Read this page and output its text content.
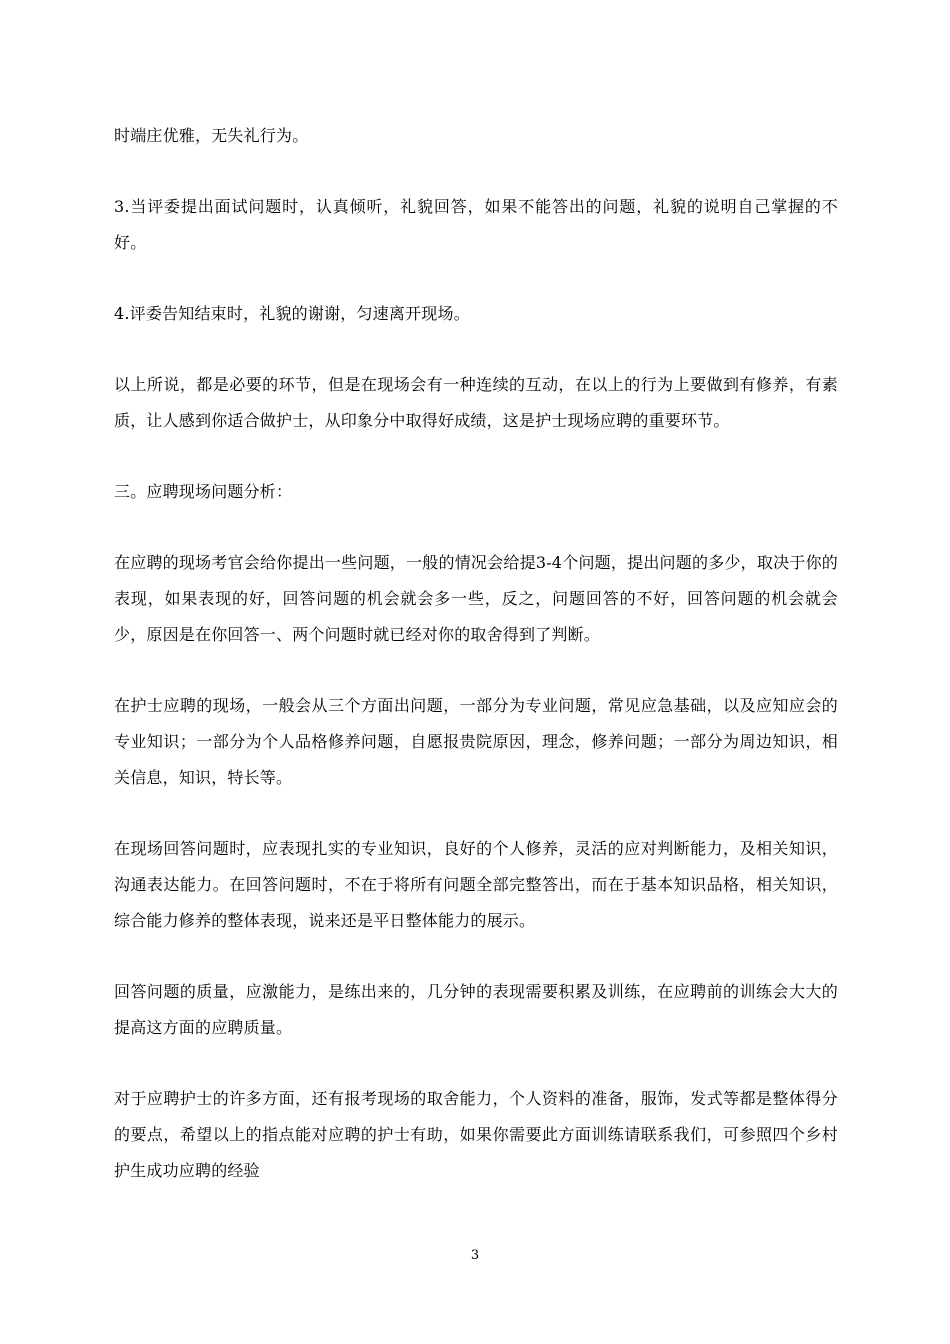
时端庄优雅，无失礼行为。

3.当评委提出面试问题时，认真倾听，礼貌回答，如果不能答出的问题，礼貌的说明自己掌握的不好。

4.评委告知结束时，礼貌的谢谢，匀速离开现场。

以上所说，都是必要的环节，但是在现场会有一种连续的互动，在以上的行为上要做到有修养，有素质，让人感到你适合做护士，从印象分中取得好成绩，这是护士现场应聘的重要环节。

三。应聘现场问题分析：

在应聘的现场考官会给你提出一些问题，一般的情况会给提3-4个问题，提出问题的多少，取决于你的表现，如果表现的好，回答问题的机会就会多一些，反之，问题回答的不好，回答问题的机会就会少，原因是在你回答一、两个问题时就已经对你的取舍得到了判断。

在护士应聘的现场，一般会从三个方面出问题，一部分为专业问题，常见应急基础，以及应知应会的专业知识；一部分为个人品格修养问题，自愿报贵院原因，理念，修养问题；一部分为周边知识，相关信息，知识，特长等。

在现场回答问题时，应表现扎实的专业知识，良好的个人修养，灵活的应对判断能力，及相关知识，沟通表达能力。在回答问题时，不在于将所有问题全部完整答出，而在于基本知识品格，相关知识，综合能力修养的整体表现，说来还是平日整体能力的展示。

回答问题的质量，应激能力，是练出来的，几分钟的表现需要积累及训练，在应聘前的训练会大大的提高这方面的应聘质量。

对于应聘护士的许多方面，还有报考现场的取舍能力，个人资料的准备，服饰，发式等都是整体得分的要点，希望以上的指点能对应聘的护士有助，如果你需要此方面训练请联系我们，可参照四个乡村护生成功应聘的经验

3
